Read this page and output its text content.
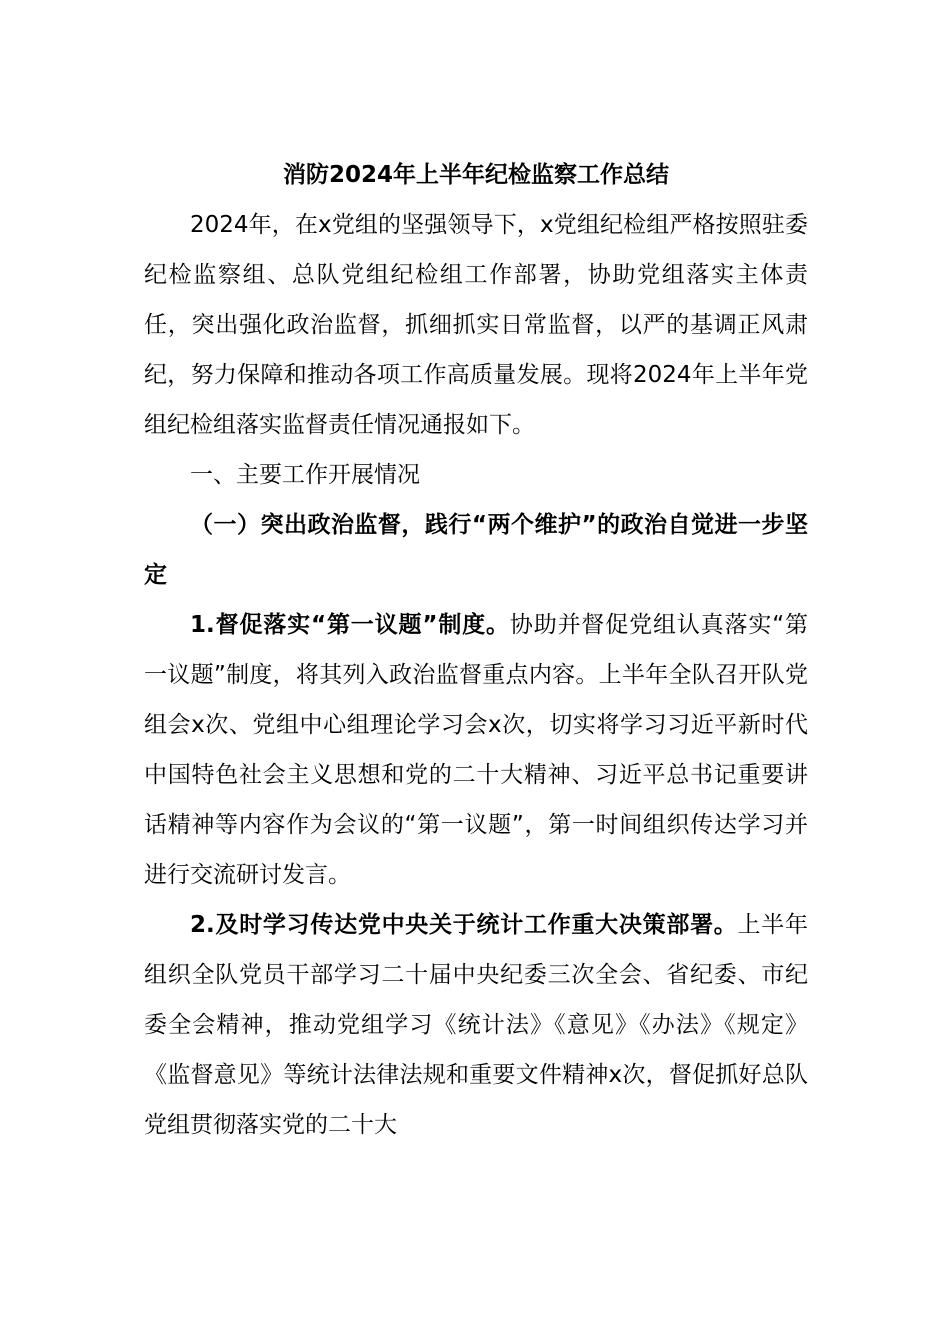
消防2024年上半年纪检监察工作总结

2024年，在x党组的坚强领导下，x党组纪检组严格按照驻委纪检监察组、总队党组纪检组工作部署，协助党组落实主体责任，突出强化政治监督，抓细抓实日常监督，以严的基调正风肃纪，努力保障和推动各项工作高质量发展。现将2024年上半年党组纪检组落实监督责任情况通报如下。

一、主要工作开展情况

（一）突出政治监督，践行“两个维护”的政治自觉进一步坚定

1.督促落实“第一议题”制度。协助并督促党组认真落实“第一议题”制度，将其列入政治监督重点内容。上半年全队召开队党组会x次、党组中心组理论学习会x次，切实将学习习近平新时代中国特色社会主义思想和党的二十大精神、习近平总书记重要讲话精神等内容作为会议的“第一议题”，第一时间组织传达学习并进行交流研讨发言。

2.及时学习传达党中央关于统计工作重大决策部署。上半年组织全队党员干部学习二十届中央纪委三次全会、省纪委、市纪委全会精神，推动党组学习《统计法》《意见》《办法》《规定》《监督意见》等统计法律法规和重要文件精神x次，督促抓好总队党组贯彻落实党的二十大
